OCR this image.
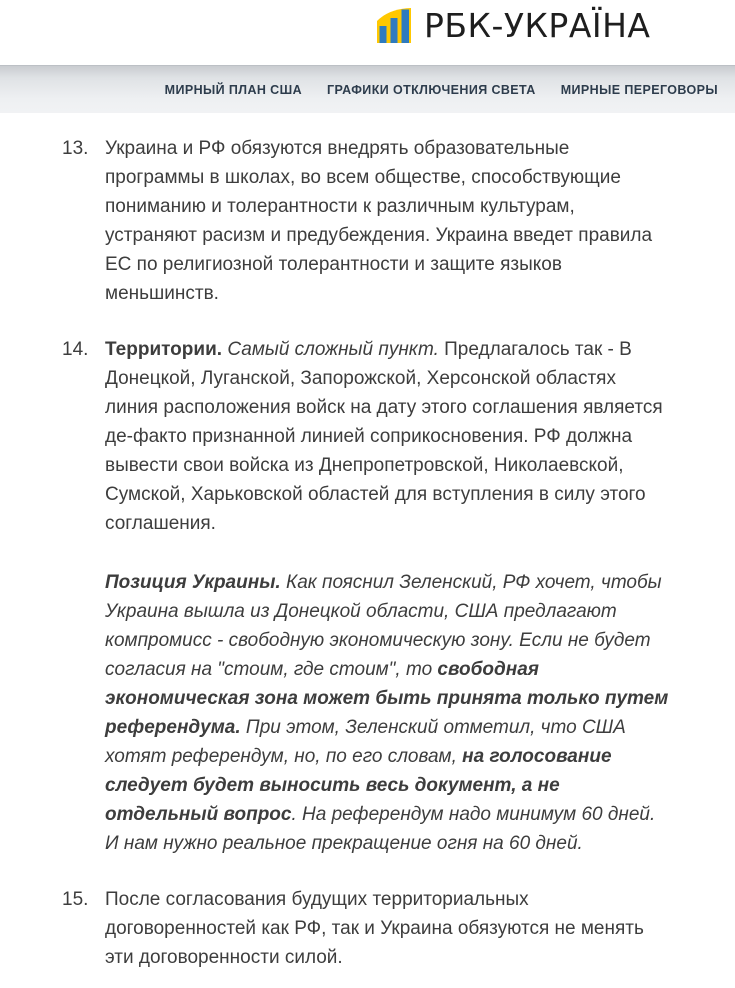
РБК-УКРАЇНА
МИРНЫЙ ПЛАН США ГРАФИКИ ОТКЛЮЧЕНИЯ СВЕТА МИРНЫЕ ПЕРЕГОВОРЫ
13. Украина и РФ обязуются внедрять образовательные программы в школах, во всем обществе, способствующие пониманию и толерантности к различным культурам, устраняют расизм и предубеждения. Украина введет правила ЕС по религиозной толерантности и защите языков меньшинств.

14. Территории. Самый сложный пункт. Предлагалось так - В Донецкой, Луганской, Запорожской, Херсонской областях линия расположения войск на дату этого соглашения является де-факто признанной линией соприкосновения. РФ должна вывести свои войска из Днепропетровской, Николаевской, Сумской, Харьковской областей для вступления в силу этого соглашения.

Позиция Украины. Как пояснил Зеленский, РФ хочет, чтобы Украина вышла из Донецкой области, США предлагают компромисс - свободную экономическую зону. Если не будет согласия на "стоим, где стоим", то свободная экономическая зона может быть принята только путем референдума. При этом, Зеленский отметил, что США хотят референдум, но, по его словам, на голосование следует будет выносить весь документ, а не отдельный вопрос. На референдум надо минимум 60 дней. И нам нужно реальное прекращение огня на 60 дней.

15. После согласования будущих территориальных договоренностей как РФ, так и Украина обязуются не менять эти договоренности силой.
